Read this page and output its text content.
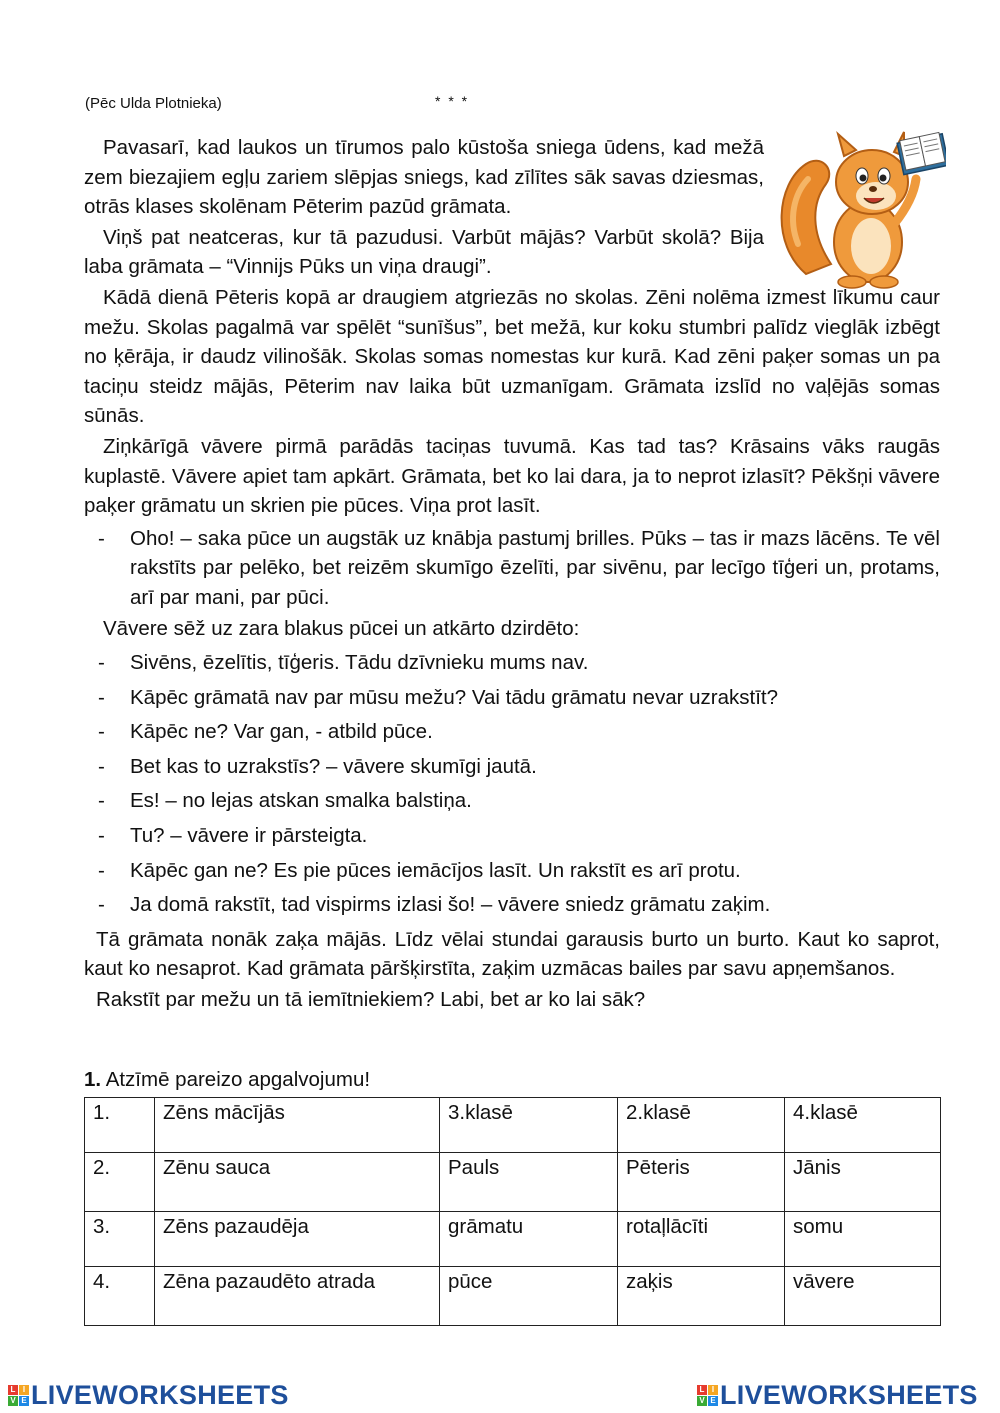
(Pēc Ulda Plotnieka)	* * *

Pavasarī, kad laukos un tīrumos palo kūstoša sniega ūdens, kad mežā zem biezajiem egļu zariem slēpjas sniegs, kad zīlītes sāk savas dziesmas, otrās klases skolēnam Pēterim pazūd grāmata.

Viņš pat neatceras, kur tā pazudusi. Varbūt mājās? Varbūt skolā? Bija laba grāmata – “Vinnijs Pūks un viņa draugi”.

Kādā dienā Pēteris kopā ar draugiem atgriezās no skolas. Zēni nolēma izmest līkumu caur mežu. Skolas pagalmā var spēlēt “sunīšus”, bet mežā, kur koku stumbri palīdz vieglāk izbēgt no ķērāja, ir daudz vilinošāk. Skolas somas nomestas kur kurā. Kad zēni paķer somas un pa taciņu steidz mājās, Pēterim nav laika būt uzmanīgam. Grāmata izslīd no vaļējās somas sūnās.

Ziņkārīgā vāvere pirmā parādās taciņas tuvumā. Kas tad tas? Krāsains vāks raugās kuplastē. Vāvere apiet tam apkārt. Grāmata, bet ko lai dara, ja to neprot izlasīt? Pēkšņi vāvere paķer grāmatu un skrien pie pūces. Viņa prot lasīt.

-	Oho! – saka pūce un augstāk uz knābja pastumj brilles. Pūks – tas ir mazs lācēns. Te vēl rakstīts par pelēko, bet reizēm skumīgo ēzelīti, par sivēnu, par lecīgo tīģeri un, protams, arī par mani, par pūci.

Vāvere sēž uz zara blakus pūcei un atkārto dzirdēto:

-	Sivēns, ēzelītis, tīģeris. Tādu dzīvnieku mums nav.
-	Kāpēc grāmatā nav par mūsu mežu? Vai tādu grāmatu nevar uzrakstīt?
-	Kāpēc ne? Var gan, - atbild pūce.
-	Bet kas to uzrakstīs? – vāvere skumīgi jautā.
-	Es! – no lejas atskan smalka balstiņa.
-	Tu? – vāvere ir pārsteigta.
-	Kāpēc gan ne? Es pie pūces iemācījos lasīt. Un rakstīt es arī protu.
-	Ja domā rakstīt, tad vispirms izlasi šo! – vāvere sniedz grāmatu zaķim.

Tā grāmata nonāk zaķa mājās. Līdz vēlai stundai garausis burto un burto. Kaut ko saprot, kaut ko nesaprot. Kad grāmata pāršķirstīta, zaķim uzmācas bailes par savu apņemšanos.

Rakstīt par mežu un tā iemītniekiem? Labi, bet ar ko lai sāk?

1. Atzīmē pareizo apgalvojumu!
1.	Zēns mācījās	3.klasē	2.klasē	4.klasē
2.	Zēnu sauca	Pauls	Pēteris	Jānis
3.	Zēns pazaudēja	grāmatu	rotaļlācīti	somu
4.	Zēna pazaudēto atrada	pūce	zaķis	vāvere
L I
V E LIVEWORKSHEETS	L I
V E LIVEWORKSHEETS
